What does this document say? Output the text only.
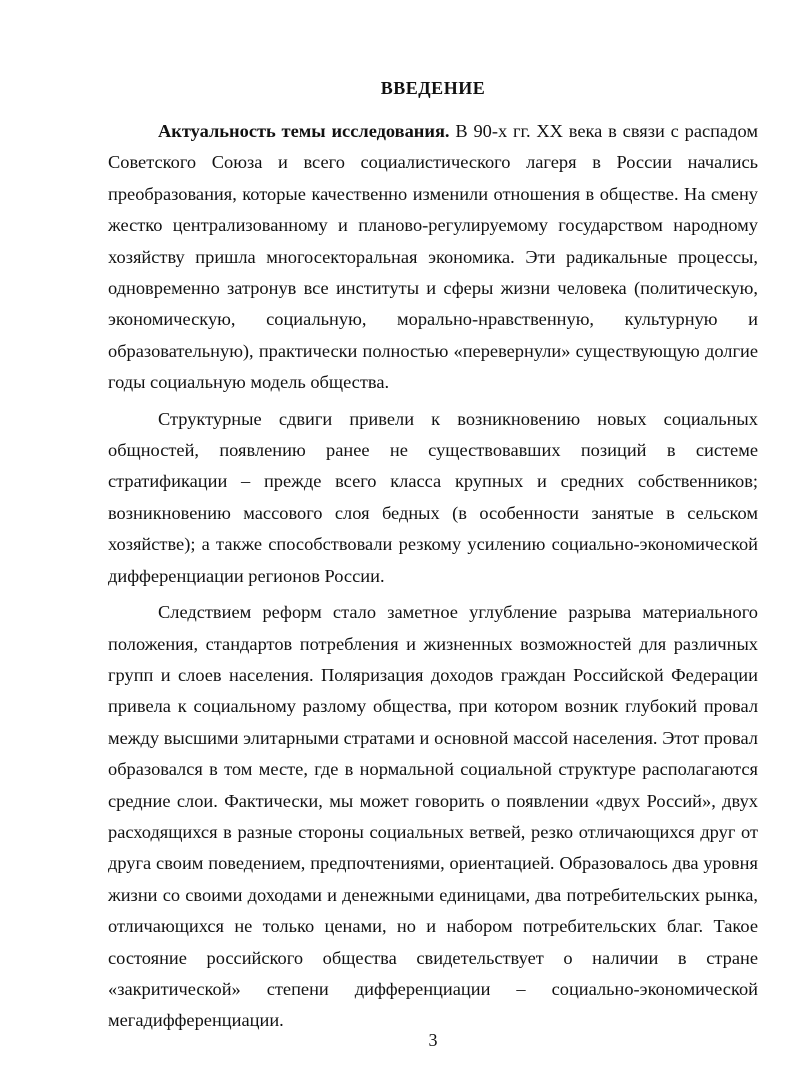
ВВЕДЕНИЕ

Актуальность темы исследования. В 90-х гг. XX века в связи с распадом Советского Союза и всего социалистического лагеря в России начались преобразования, которые качественно изменили отношения в обществе. На смену жестко централизованному и планово-регулируемому государством народному хозяйству пришла многосекторальная экономика. Эти радикальные процессы, одновременно затронув все институты и сферы жизни человека (политическую, экономическую, социальную, морально-нравственную, культурную и образовательную), практически полностью «перевернули» существующую долгие годы социальную модель общества.

Структурные сдвиги привели к возникновению новых социальных общностей, появлению ранее не существовавших позиций в системе стратификации – прежде всего класса крупных и средних собственников; возникновению массового слоя бедных (в особенности занятые в сельском хозяйстве); а также способствовали резкому усилению социально-экономической дифференциации регионов России.

Следствием реформ стало заметное углубление разрыва материального положения, стандартов потребления и жизненных возможностей для различных групп и слоев населения. Поляризация доходов граждан Российской Федерации привела к социальному разлому общества, при котором возник глубокий провал между высшими элитарными стратами и основной массой населения. Этот провал образовался в том месте, где в нормальной социальной структуре располагаются средние слои. Фактически, мы может говорить о появлении «двух Россий», двух расходящихся в разные стороны социальных ветвей, резко отличающихся друг от друга своим поведением, предпочтениями, ориентацией. Образовалось два уровня жизни со своими доходами и денежными единицами, два потребительских рынка, отличающихся не только ценами, но и набором потребительских благ. Такое состояние российского общества свидетельствует о наличии в стране «закритической» степени дифференциации – социально-экономической мегадифференциации.

3
